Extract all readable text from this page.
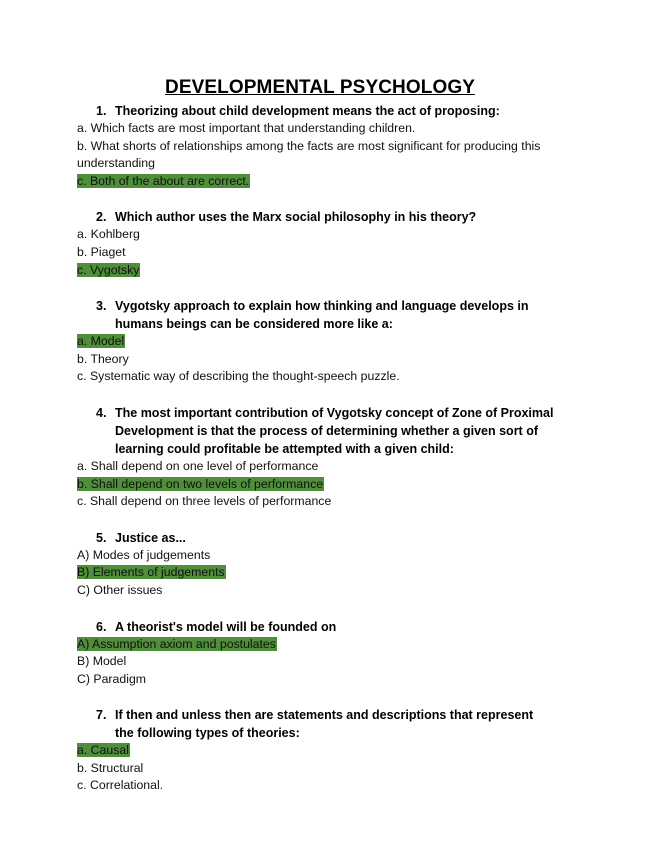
DEVELOPMENTAL PSYCHOLOGY
1. Theorizing about child development means the act of proposing:
a. Which facts are most important that understanding children.
b. What shorts of relationships among the facts are most significant for producing this understanding
c. Both of the about are correct.
2. Which author uses the Marx social philosophy in his theory?
a. Kohlberg
b. Piaget
c. Vygotsky
3. Vygotsky approach to explain how thinking and language develops in humans beings can be considered more like a:
a. Model
b. Theory
c. Systematic way of describing the thought-speech puzzle.
4. The most important contribution of Vygotsky concept of Zone of Proximal Development is that the process of determining whether a given sort of learning could profitable be attempted with a given child:
a. Shall depend on one level of performance
b. Shall depend on two levels of performance
c. Shall depend on three levels of performance
5. Justice as...
A) Modes of judgements
B) Elements of judgements
C) Other issues
6. A theorist's model will be founded on
A) Assumption axiom and postulates
B) Model
C) Paradigm
7. If then and unless then are statements and descriptions that represent the following types of theories:
a. Causal
b. Structural
c. Correlational.
